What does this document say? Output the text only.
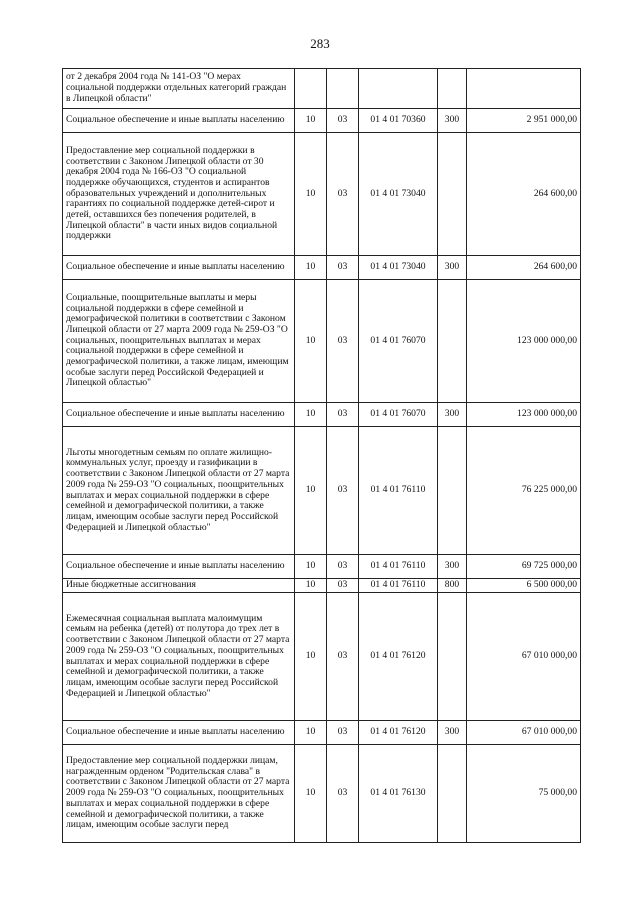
283
от 2 декабря 2004 года № 141-ОЗ "О мерах социальной поддержки отдельных категорий граждан в Липецкой области"					
Социальное обеспечение и иные выплаты населению	10	03	01 4 01 70360	300	2 951 000,00
Предоставление мер социальной поддержки в соответствии с Законом Липецкой области от 30 декабря 2004 года № 166-ОЗ "О социальной поддержке обучающихся, студентов и аспирантов образовательных учреждений и дополнительных гарантиях по социальной поддержке детей-сирот и детей, оставшихся без попечения родителей, в Липецкой области" в части иных видов социальной поддержки	10	03	01 4 01 73040		264 600,00
Социальное обеспечение и иные выплаты населению	10	03	01 4 01 73040	300	264 600,00
Социальные, поощрительные выплаты и меры социальной поддержки в сфере семейной и демографической политики в соответствии с Законом Липецкой области от 27 марта 2009 года № 259-ОЗ "О социальных, поощрительных выплатах и мерах социальной поддержки в сфере семейной и демографической политики, а также лицам, имеющим особые заслуги перед Российской Федерацией и Липецкой областью"	10	03	01 4 01 76070		123 000 000,00
Социальное обеспечение и иные выплаты населению	10	03	01 4 01 76070	300	123 000 000,00
Льготы многодетным семьям по оплате жилищно-коммунальных услуг, проезду и газификации в соответствии с Законом Липецкой области от 27 марта 2009 года № 259-ОЗ "О социальных, поощрительных выплатах и мерах социальной поддержки в сфере семейной и демографической политики, а также лицам, имеющим особые заслуги перед Российской Федерацией и Липецкой областью"	10	03	01 4 01 76110		76 225 000,00
Социальное обеспечение и иные выплаты населению	10	03	01 4 01 76110	300	69 725 000,00
Иные бюджетные ассигнования	10	03	01 4 01 76110	800	6 500 000,00
Ежемесячная социальная выплата малоимущим семьям на ребенка (детей) от полутора до трех лет в соответствии с Законом Липецкой области от 27 марта 2009 года № 259-ОЗ "О социальных, поощрительных выплатах и мерах социальной поддержки в сфере семейной и демографической политики, а также лицам, имеющим особые заслуги перед Российской Федерацией и Липецкой областью"	10	03	01 4 01 76120		67 010 000,00
Социальное обеспечение и иные выплаты населению	10	03	01 4 01 76120	300	67 010 000,00
Предоставление мер социальной поддержки лицам, награжденным орденом "Родительская слава" в соответствии с Законом Липецкой области от 27 марта 2009 года № 259-ОЗ "О социальных, поощрительных выплатах и мерах социальной поддержки в сфере семейной и демографической политики, а также лицам, имеющим особые заслуги перед	10	03	01 4 01 76130		75 000,00
